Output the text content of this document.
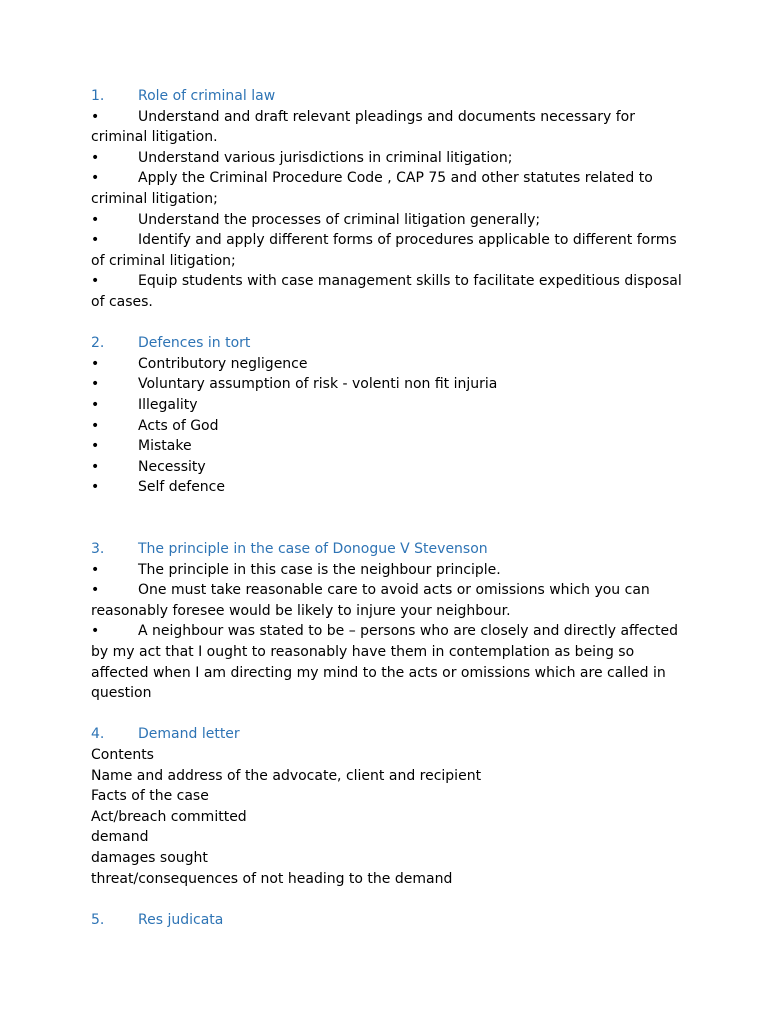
1.	Role of criminal law
•	Understand and draft relevant pleadings and documents necessary for criminal litigation.
•	Understand various jurisdictions in criminal litigation;
•	Apply the Criminal Procedure Code , CAP 75 and other statutes related to criminal litigation;
•	Understand the processes of criminal litigation generally;
•	Identify and apply different forms of procedures applicable to different forms of criminal litigation;
•	Equip students with case management skills to facilitate expeditious disposal of cases.
2.	Defences in tort
•	Contributory negligence
•	Voluntary assumption of risk - volenti non fit injuria
•	Illegality
•	Acts of God
•	Mistake
•	Necessity
•	Self defence
3.	The principle in the case of Donogue V Stevenson
•	The principle in this case is the neighbour principle.
•	One must take reasonable care to avoid acts or omissions which you can reasonably foresee would be likely to injure your neighbour.
•	A neighbour was stated to be – persons who are closely and directly affected by my act that I ought to reasonably have them in contemplation as being so affected when I am directing my mind to the acts or omissions which are called in question
4.	Demand letter
Contents
Name and address of the advocate, client and recipient
Facts of the case
Act/breach committed
demand
damages sought
threat/consequences of not heading to the demand
5.	Res judicata
